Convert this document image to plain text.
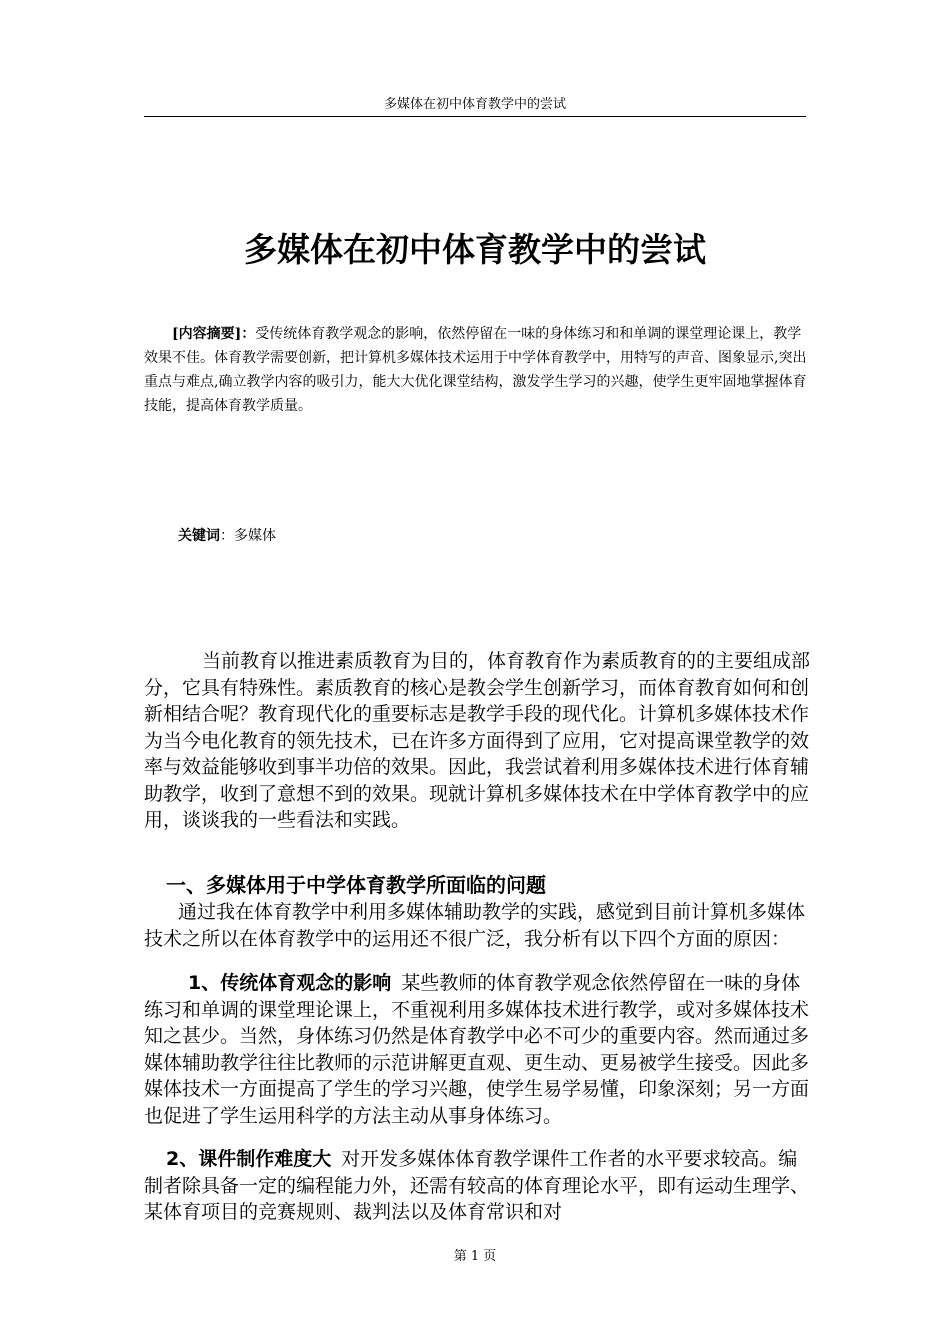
多媒体在初中体育教学中的尝试
多媒体在初中体育教学中的尝试

[内容摘要]：受传统体育教学观念的影响，依然停留在一味的身体练习和和单调的课堂理论课上，教学效果不佳。体育教学需要创新，把计算机多媒体技术运用于中学体育教学中，用特写的声音、图象显示,突出重点与难点,确立教学内容的吸引力，能大大优化课堂结构，激发学生学习的兴趣，使学生更牢固地掌握体育技能，提高体育教学质量。

关键词：多媒体

当前教育以推进素质教育为目的，体育教育作为素质教育的的主要组成部分，它具有特殊性。素质教育的核心是教会学生创新学习，而体育教育如何和创新相结合呢？教育现代化的重要标志是教学手段的现代化。计算机多媒体技术作为当今电化教育的领先技术，已在许多方面得到了应用，它对提高课堂教学的效率与效益能够收到事半功倍的效果。因此，我尝试着利用多媒体技术进行体育辅助教学，收到了意想不到的效果。现就计算机多媒体技术在中学体育教学中的应用，谈谈我的一些看法和实践。

一、多媒体用于中学体育教学所面临的问题

通过我在体育教学中利用多媒体辅助教学的实践，感觉到目前计算机多媒体技术之所以在体育教学中的运用还不很广泛，我分析有以下四个方面的原因：

1、传统体育观念的影响 某些教师的体育教学观念依然停留在一味的身体练习和单调的课堂理论课上，不重视利用多媒体技术进行教学，或对多媒体技术知之甚少。当然，身体练习仍然是体育教学中必不可少的重要内容。然而通过多媒体辅助教学往往比教师的示范讲解更直观、更生动、更易被学生接受。因此多媒体技术一方面提高了学生的学习兴趣，使学生易学易懂，印象深刻；另一方面也促进了学生运用科学的方法主动从事身体练习。

2、课件制作难度大 对开发多媒体体育教学课件工作者的水平要求较高。编制者除具备一定的编程能力外，还需有较高的体育理论水平，即有运动生理学、某体育项目的竞赛规则、裁判法以及体育常识和对

第 1 页
